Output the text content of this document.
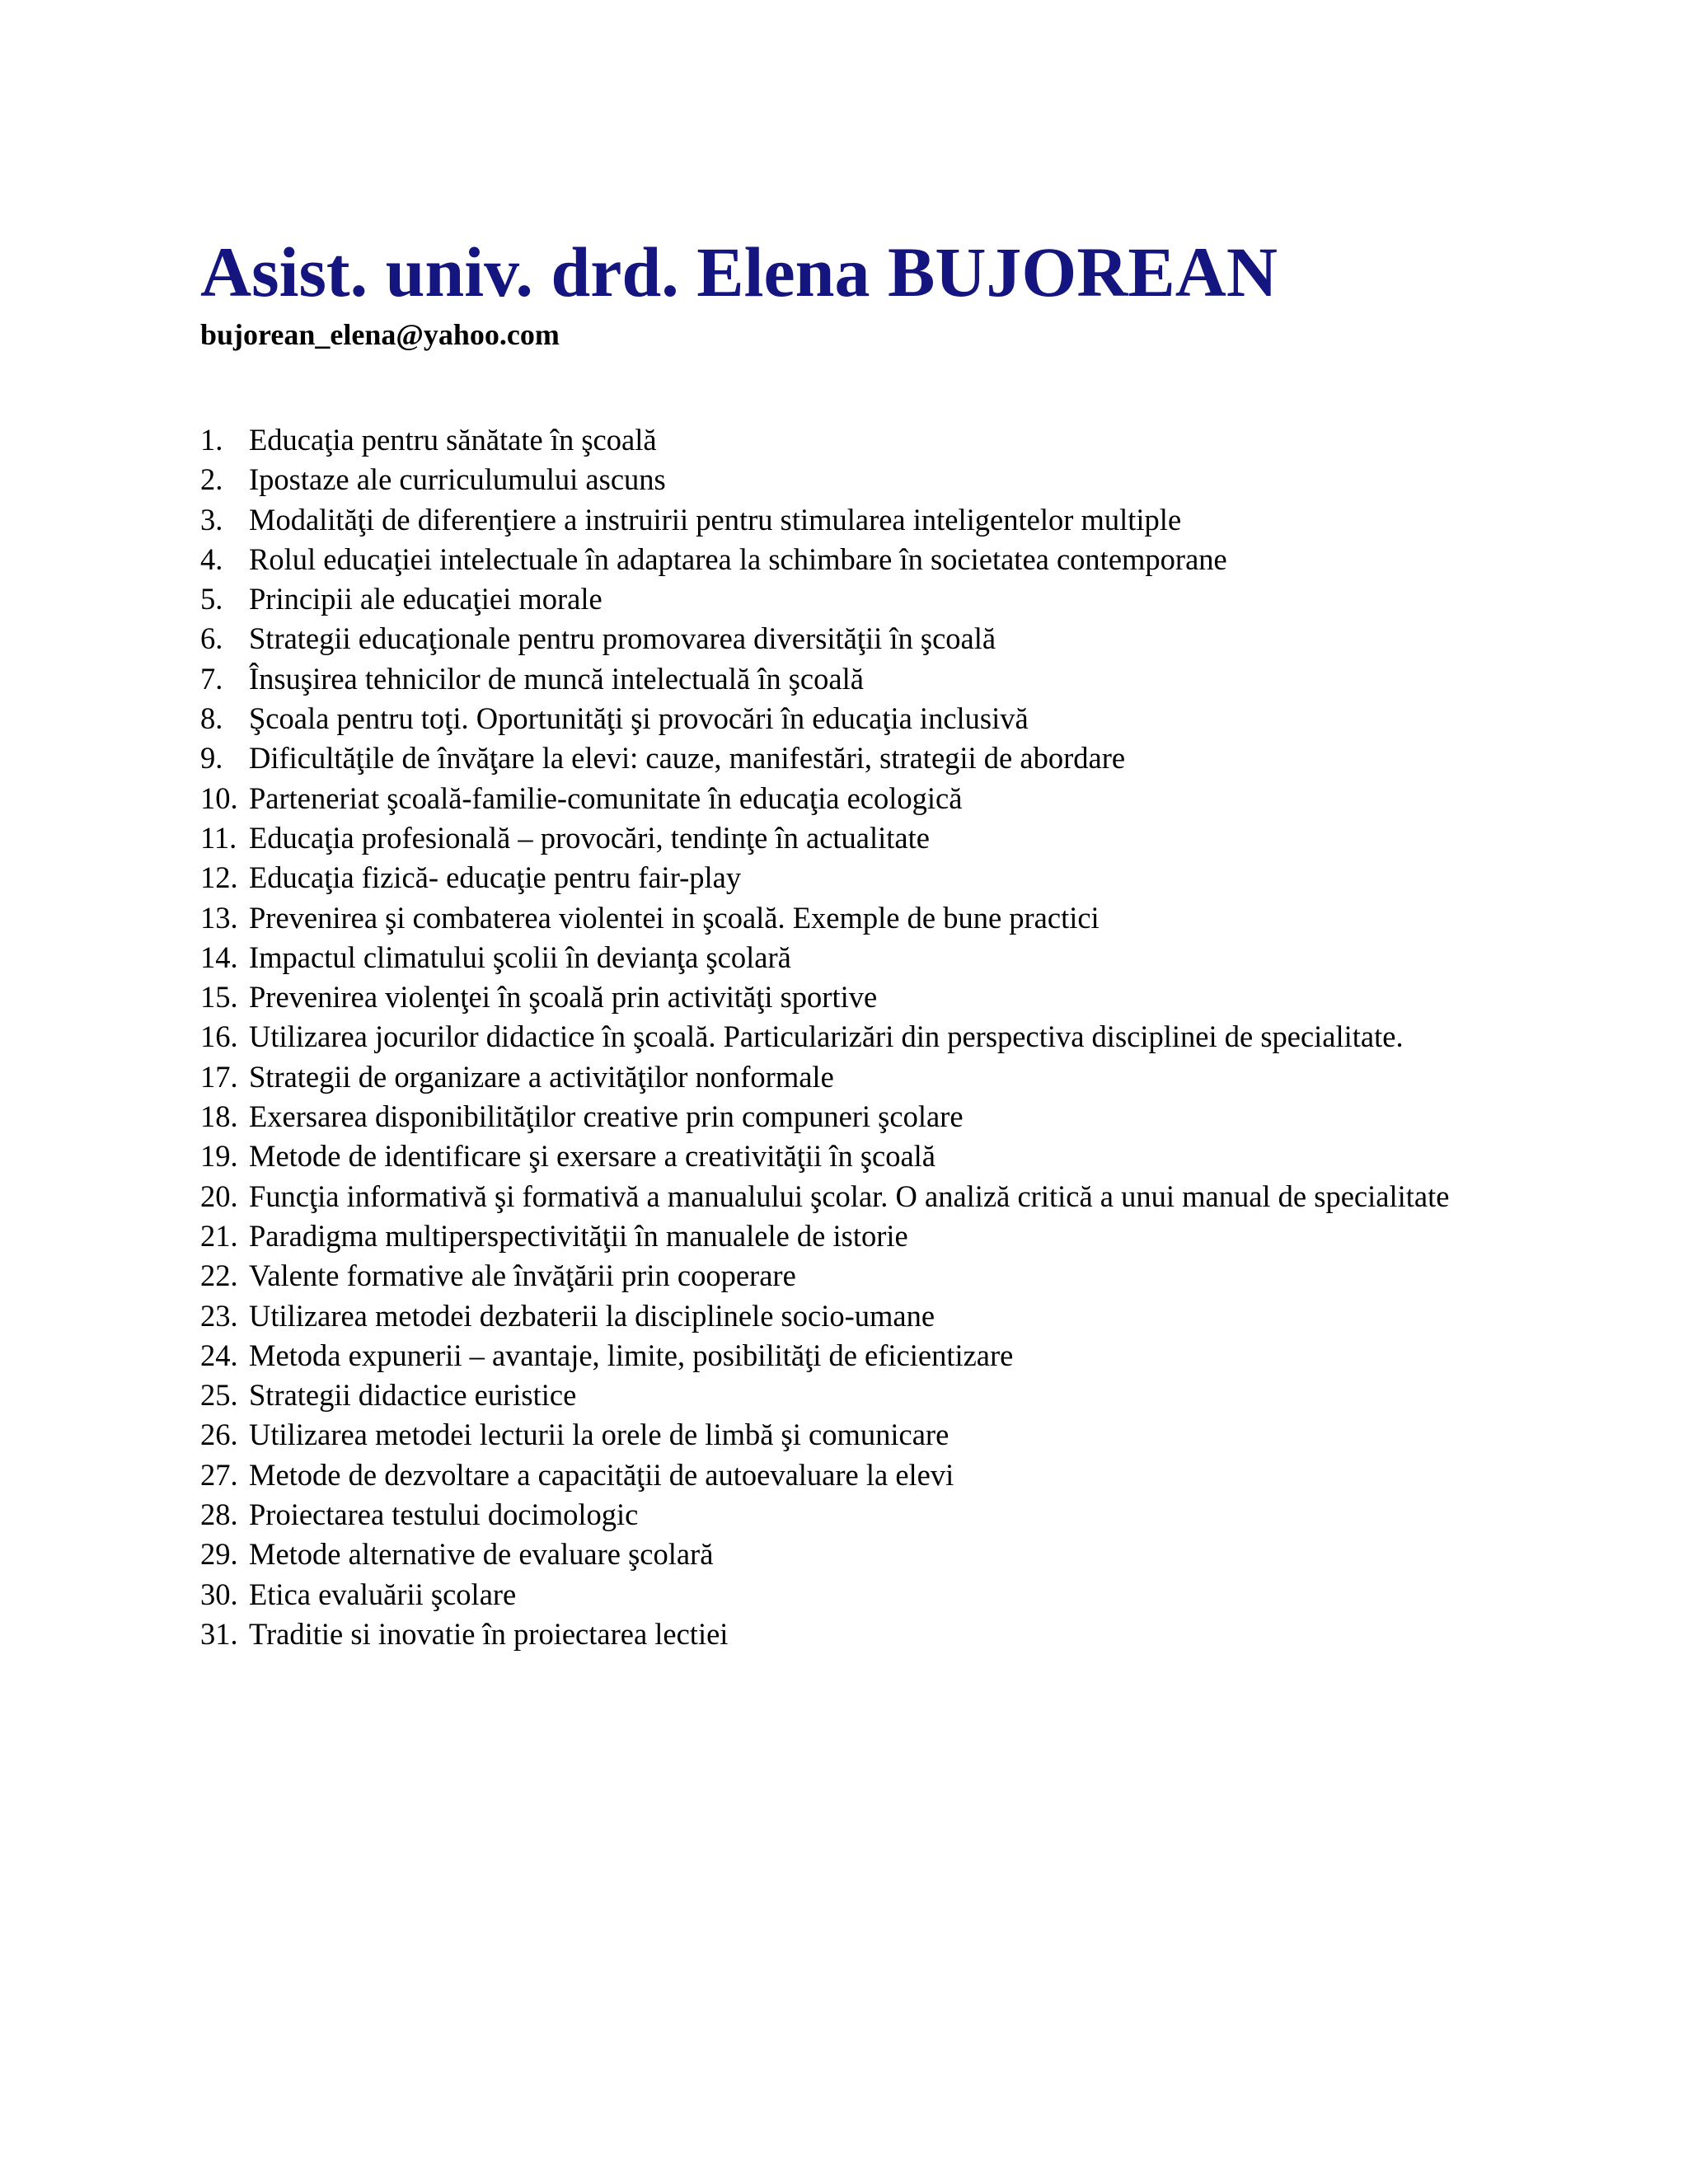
Asist. univ. drd. Elena BUJOREAN
bujorean_elena@yahoo.com
1. Educaţia pentru sănătate în şcoală
2. Ipostaze ale curriculumului ascuns
3. Modalităţi de diferenţiere a instruirii pentru stimularea inteligentelor multiple
4. Rolul educaţiei intelectuale în adaptarea la schimbare în societatea contemporane
5. Principii ale educaţiei morale
6. Strategii educaţionale pentru promovarea diversităţii în şcoală
7. Însuşirea tehnicilor de muncă intelectuală în şcoală
8. Şcoala pentru toţi. Oportunităţi şi provocări în educaţia inclusivă
9. Dificultăţile de învăţare la elevi: cauze, manifestări, strategii de abordare
10. Parteneriat şcoală-familie-comunitate în educaţia ecologică
11. Educaţia profesională – provocări, tendinţe în actualitate
12. Educaţia fizică- educaţie pentru fair-play
13. Prevenirea şi combaterea violentei in şcoală. Exemple de bune practici
14. Impactul climatului şcolii în devianţa şcolară
15. Prevenirea violenţei în şcoală prin activităţi sportive
16. Utilizarea jocurilor didactice în şcoală. Particularizări din perspectiva disciplinei de specialitate.
17. Strategii de organizare a activităţilor nonformale
18. Exersarea disponibilităţilor creative prin compuneri şcolare
19. Metode de identificare şi exersare a creativităţii în şcoală
20. Funcţia informativă şi formativă a manualului şcolar. O analiză critică a unui manual de specialitate
21. Paradigma multiperspectivităţii în manualele de istorie
22. Valente formative ale învăţării prin cooperare
23. Utilizarea metodei dezbaterii la disciplinele socio-umane
24. Metoda expunerii – avantaje, limite, posibilităţi de eficientizare
25. Strategii didactice euristice
26. Utilizarea metodei lecturii la orele de limbă şi comunicare
27. Metode de dezvoltare a capacităţii de autoevaluare la elevi
28. Proiectarea testului docimologic
29. Metode alternative de evaluare şcolară
30. Etica evaluării şcolare
31. Traditie si inovatie în proiectarea lectiei
